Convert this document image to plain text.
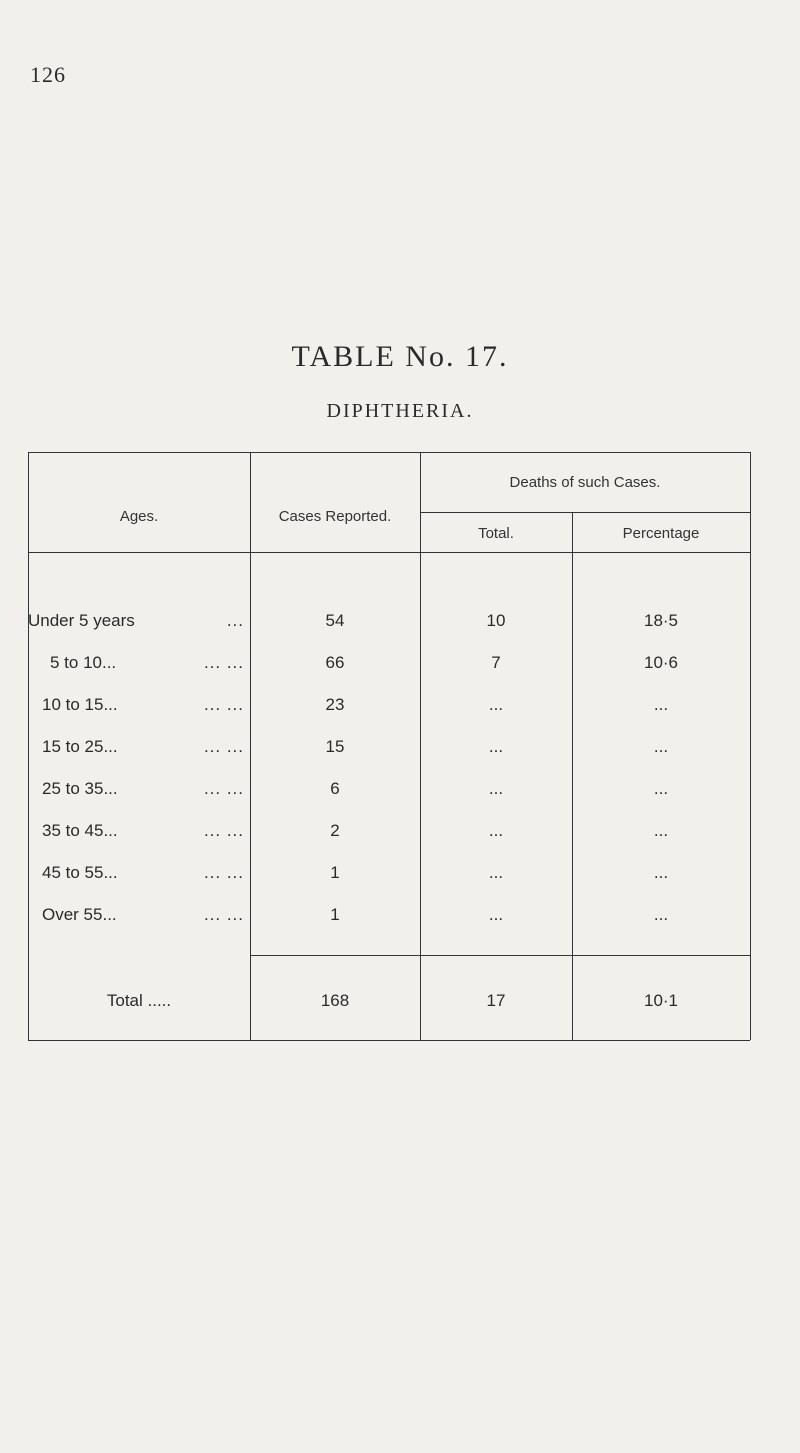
126
TABLE No. 17.
DIPHTHERIA.
Ages.	Cases Reported.
Deaths of such Cases.
Total.	Percentage
Under 5 years	...	54	10	18·5
5 to 10...	... ...	66	7	10·6
10 to 15...	... ...	23	...	...
15 to 25...	... ...	15	...	...
25 to 35...	... ...	6	...	...
35 to 45...	... ...	2	...	...
45 to 55...	... ...	1	...	...
Over 55...	... ...	1	...	...
Total .....	168	17	10·1
